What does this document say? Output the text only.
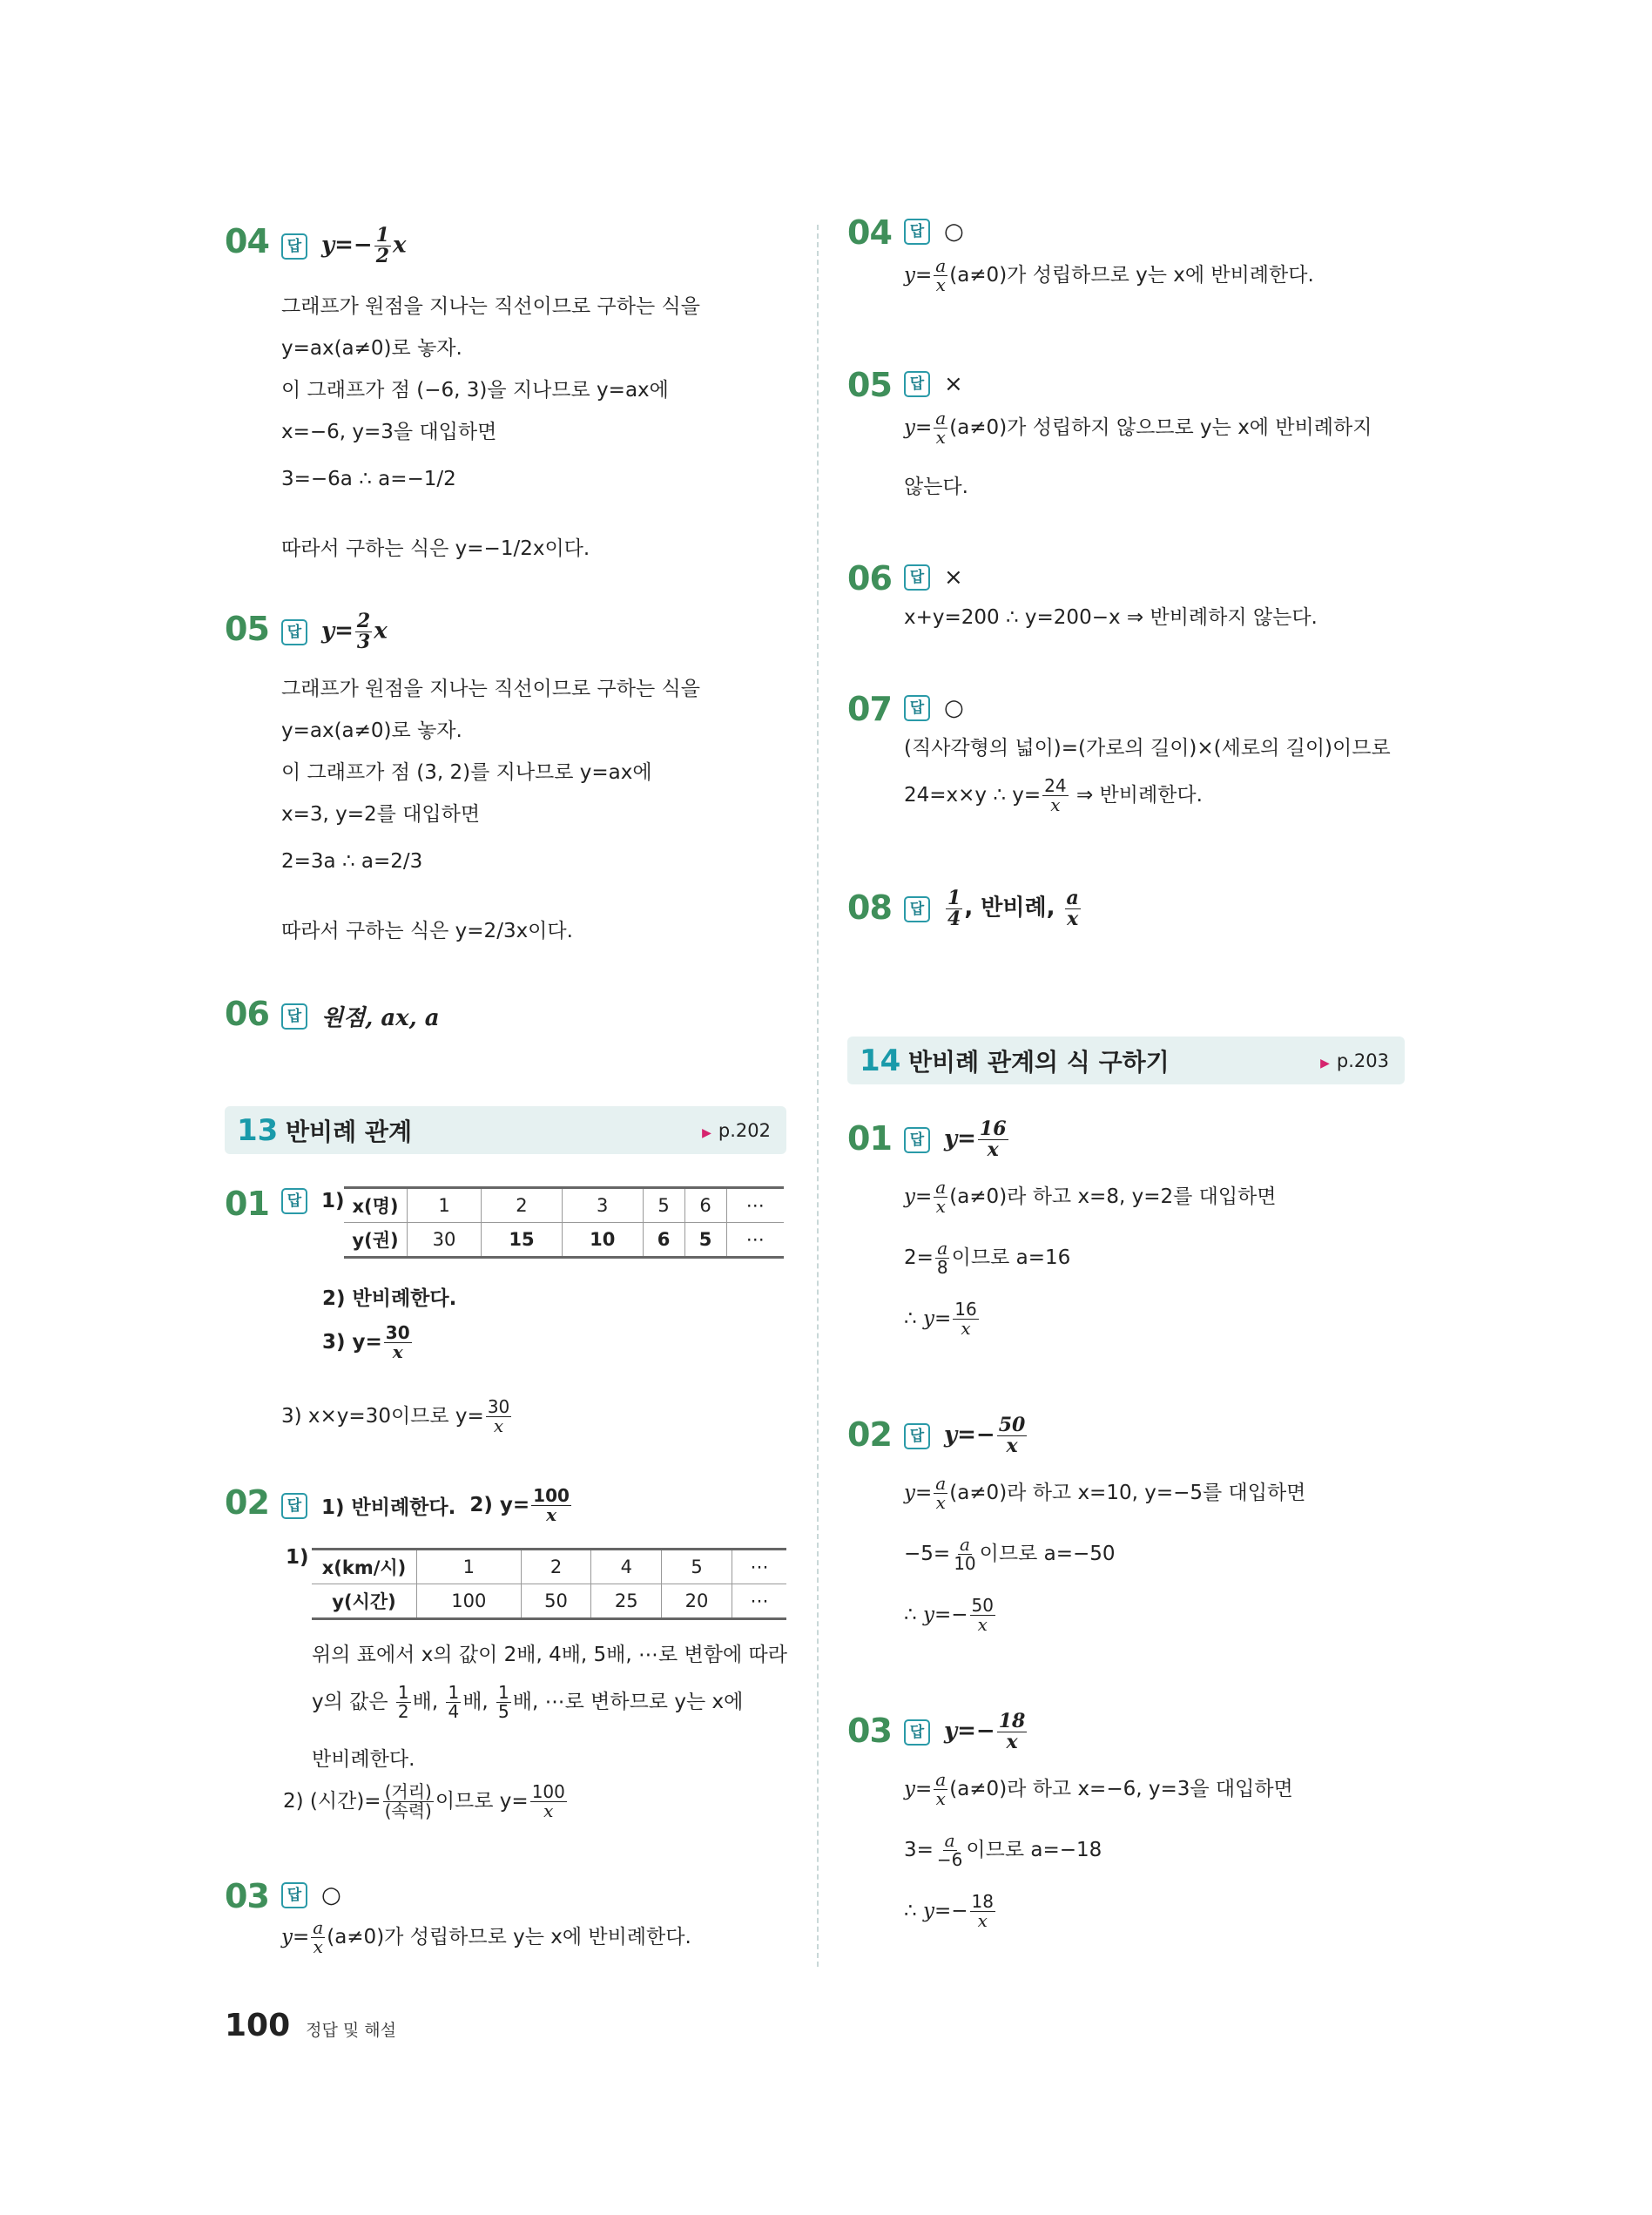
04	답 $y=- \frac{1}{2}$ x
그래프가 원점을 지나는 직선이므로 구하는 식을
y=ax(a≠0)로 놓자.
이 그래프가 점 (−6, 3)을 지나므로 y=ax에
x=−6, y=3을 대입하면
3=−6a ∴ a=−1/2
따라서 구하는 식은 y=−1/2x이다.
05	답 $y= \frac{2}{3}$ x
그래프가 원점을 지나는 직선이므로 구하는 식을
y=ax(a≠0)로 놓자.
이 그래프가 점 (3, 2)를 지나므로 y=ax에
x=3, y=2를 대입하면
2=3a ∴ a=2/3
따라서 구하는 식은 y=2/3x이다.
06	답 원점, ax, a
13 반비례 관계	▶ p.202
01	답 1) x(명)	1	2	3	5	6	⋯
y(권)	30	15	10	6	5	⋯
2) 반비례한다.
3) $y= \frac{30}{x}$
3) x×y=30이므로 $y= \frac{30}{x}$
02	답 1) 반비례한다. 2) $y= \frac{100}{x}$
1) x(km/시)	1	2	4	5	⋯
y(시간)	100	50	25	20	⋯
위의 표에서 x의 값이 2배, 4배, 5배, ⋯로 변함에 따라
y의 값은 $\frac{1}{2}$ 배, $\frac{1}{4}$ 배, $\frac{1}{5}$ 배, ⋯로 변하므로 y는 x에
반비례한다.
2) (시간)= $\frac{\text{(거리)}}{\text{(속력)}}$ 이므로 $y= \frac{100}{x}$
03	답 ○
$y= \frac{a}{x} (a\ne 0)$가 성립하므로 y는 x에 반비례한다.
04	답 ○
$y= \frac{a}{x} (a\ne 0)$가 성립하므로 y는 x에 반비례한다.
05	답 ×
$y= \frac{a}{x} (a\ne 0)$가 성립하지 않으므로 y는 x에 반비례하지
않는다.
06	답 ×
x+y=200 ∴ y=200−x ⇒ 반비례하지 않는다.
07	답 ○
(직사각형의 넓이)=(가로의 길이)×(세로의 길이)이므로
24=x×y ∴ $y= \frac{24}{x}$ ⇒ 반비례한다.
08	답	$\frac{1}{4}$ , 반비례, $\frac{a}{x}$
14 반비례 관계의 식 구하기	▶ p.203
01	답 $y= \frac{16}{x}$
$y= \frac{a}{x} (a\ne 0)$라 하고 x=8, y=2를 대입하면
$2= \frac{a}{8}$ 이므로 a=16
∴ $y= \frac{16}{x}$
02	답 $y=- \frac{50}{x}$
$y= \frac{a}{x} (a\ne 0)$라 하고 x=10, y=−5를 대입하면
$-5= \frac{a}{10}$ 이므로 a=−50
∴ $y=- \frac{50}{x}$
03	답 $y=- \frac{18}{x}$
$y= \frac{a}{x} (a\ne 0)$라 하고 x=−6, y=3을 대입하면
$3= \frac{a}{-6}$ 이므로 a=−18
∴ $y=- \frac{18}{x}$
100 정답 및 해설
